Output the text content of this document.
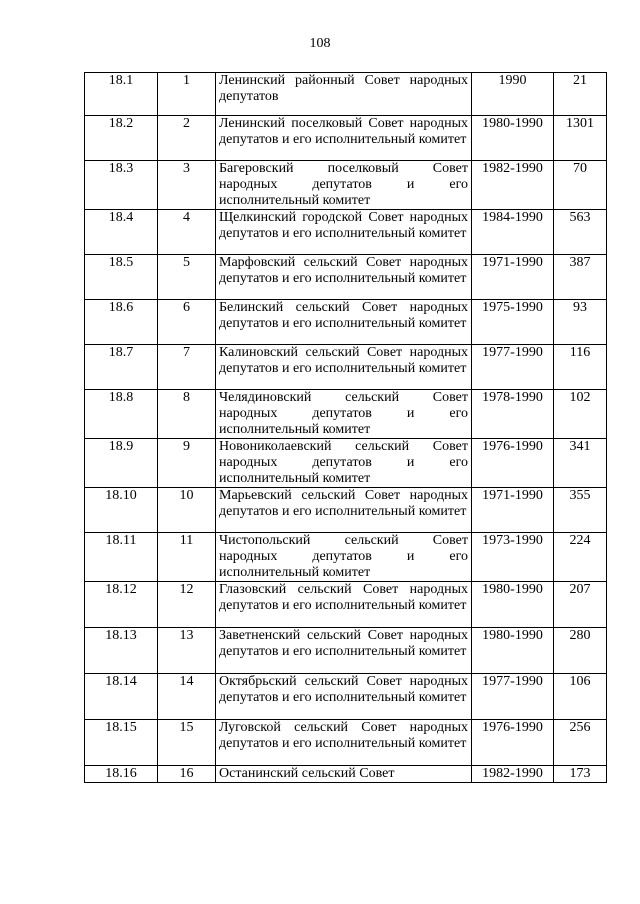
108
18.1	1	Ленинский районный Совет народных депутатов	1990	21
18.2	2	Ленинский поселковый Совет народных депутатов и его исполнительный комитет	1980-1990	1301
18.3	3	Багеровский поселковый Совет народных депутатов и его исполнительный комитет	1982-1990	70
18.4	4	Щелкинский городской Совет народных депутатов и его исполнительный комитет	1984-1990	563
18.5	5	Марфовский сельский Совет народных депутатов и его исполнительный комитет	1971-1990	387
18.6	6	Белинский сельский Совет народных депутатов и его исполнительный комитет	1975-1990	93
18.7	7	Калиновский сельский Совет народных депутатов и его исполнительный комитет	1977-1990	116
18.8	8	Челядиновский сельский Совет народных депутатов и его исполнительный комитет	1978-1990	102
18.9	9	Новониколаевский сельский Совет народных депутатов и его исполнительный комитет	1976-1990	341
18.10	10	Марьевский сельский Совет народных депутатов и его исполнительный комитет	1971-1990	355
18.11	11	Чистопольский сельский Совет народных депутатов и его исполнительный комитет	1973-1990	224
18.12	12	Глазовский сельский Совет народных депутатов и его исполнительный комитет	1980-1990	207
18.13	13	Заветненский сельский Совет народных депутатов и его исполнительный комитет	1980-1990	280
18.14	14	Октябрьский сельский Совет народных депутатов и его исполнительный комитет	1977-1990	106
18.15	15	Луговской сельский Совет народных депутатов и его исполнительный комитет	1976-1990	256
18.16	16	Останинский сельский Совет	1982-1990	173
